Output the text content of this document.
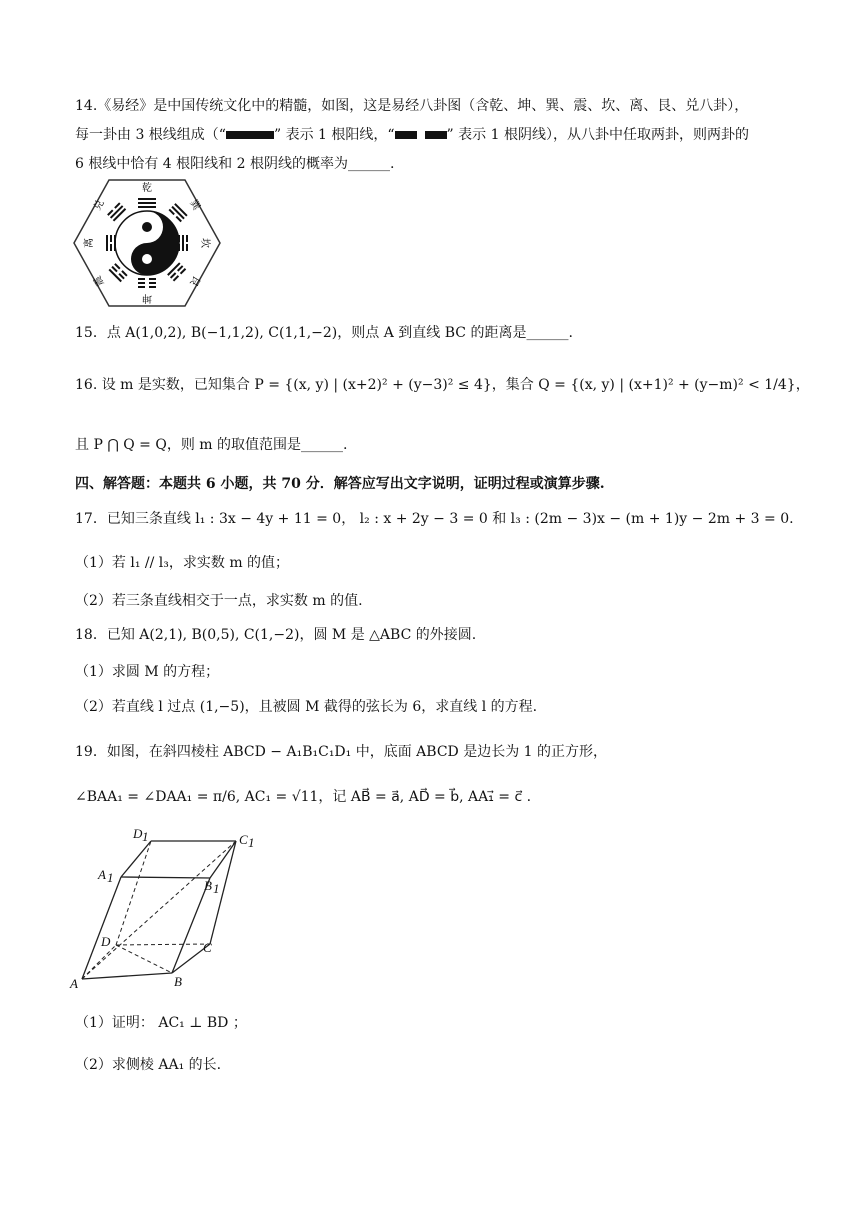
14.《易经》是中国传统文化中的精髓，如图，这是易经八卦图（含乾、坤、巽、震、坎、离、艮、兑八卦），
每一卦由 3 根线组成（“	” 表示 1 根阳线，“	” 表示 1 根阴线），从八卦中任取两卦，则两卦的
6 根线中恰有 4 根阳线和 2 根阴线的概率为______.
乾
坤
离	坎
兑	巽
震	艮
15．点 A(1,0,2), B(−1,1,2), C(1,1,−2)，则点 A 到直线 BC 的距离是______.
16. 设 m 是实数，已知集合 P = {(x, y) | (x+2)² + (y−3)² ≤ 4}，集合 Q = {(x, y) | (x+1)² + (y−m)² < 1/4}，
且 P ⋂ Q = Q，则 m 的取值范围是______.
四、解答题：本题共 6 小题，共 70 分．解答应写出文字说明，证明过程或演算步骤.
17．已知三条直线 l₁ : 3x − 4y + 11 = 0， l₂ : x + 2y − 3 = 0 和 l₃ : (2m − 3)x − (m + 1)y − 2m + 3 = 0.
（1）若 l₁ // l₃，求实数 m 的值；
（2）若三条直线相交于一点，求实数 m 的值.
18．已知 A(2,1), B(0,5), C(1,−2)，圆 M 是 △ABC 的外接圆.
（1）求圆 M 的方程；
（2）若直线 l 过点 (1,−5)，且被圆 M 截得的弦长为 6，求直线 l 的方程.
19．如图，在斜四棱柱 ABCD − A₁B₁C₁D₁ 中，底面 ABCD 是边长为 1 的正方形，
∠BAA₁ = ∠DAA₁ = π/6, AC₁ = √11，记 AB⃗ = a⃗, AD⃗ = b⃗, AA₁⃗ = c⃗ .
A	B
C
D
A 1
B 1
C 1
D 1
（1）证明： AC₁ ⊥ BD ；
（2）求侧棱 AA₁ 的长.
